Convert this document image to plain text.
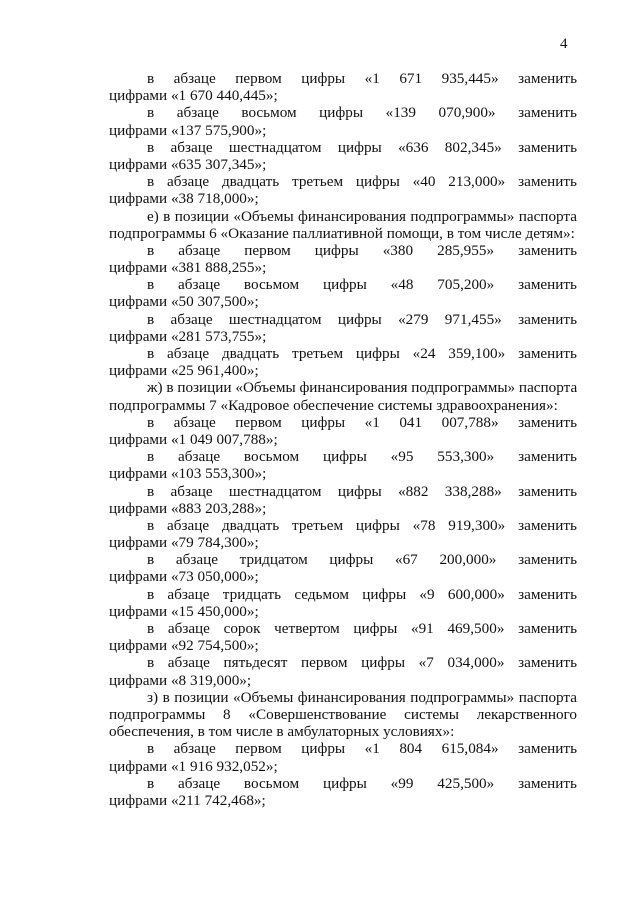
4
в абзаце первом цифры «1 671 935,445» заменить
цифрами «1 670 440,445»;
в абзаце восьмом цифры «139 070,900» заменить
цифрами «137 575,900»;
в абзаце шестнадцатом цифры «636 802,345» заменить
цифрами «635 307,345»;
в абзаце двадцать третьем цифры «40 213,000» заменить
цифрами «38 718,000»;
е) в позиции «Объемы финансирования подпрограммы» паспорта
подпрограммы 6 «Оказание паллиативной помощи, в том числе детям»:
в абзаце первом цифры «380 285,955» заменить
цифрами «381 888,255»;
в абзаце восьмом цифры «48 705,200» заменить
цифрами «50 307,500»;
в абзаце шестнадцатом цифры «279 971,455» заменить
цифрами «281 573,755»;
в абзаце двадцать третьем цифры «24 359,100» заменить
цифрами «25 961,400»;
ж) в позиции «Объемы финансирования подпрограммы» паспорта
подпрограммы 7 «Кадровое обеспечение системы здравоохранения»:
в абзаце первом цифры «1 041 007,788» заменить
цифрами «1 049 007,788»;
в абзаце восьмом цифры «95 553,300» заменить
цифрами «103 553,300»;
в абзаце шестнадцатом цифры «882 338,288» заменить
цифрами «883 203,288»;
в абзаце двадцать третьем цифры «78 919,300» заменить
цифрами «79 784,300»;
в абзаце тридцатом цифры «67 200,000» заменить
цифрами «73 050,000»;
в абзаце тридцать седьмом цифры «9 600,000» заменить
цифрами «15 450,000»;
в абзаце сорок четвертом цифры «91 469,500» заменить
цифрами «92 754,500»;
в абзаце пятьдесят первом цифры «7 034,000» заменить
цифрами «8 319,000»;
з) в позиции «Объемы финансирования подпрограммы» паспорта
подпрограммы 8 «Совершенствование системы лекарственного
обеспечения, в том числе в амбулаторных условиях»:
в абзаце первом цифры «1 804 615,084» заменить
цифрами «1 916 932,052»;
в абзаце восьмом цифры «99 425,500» заменить
цифрами «211 742,468»;
